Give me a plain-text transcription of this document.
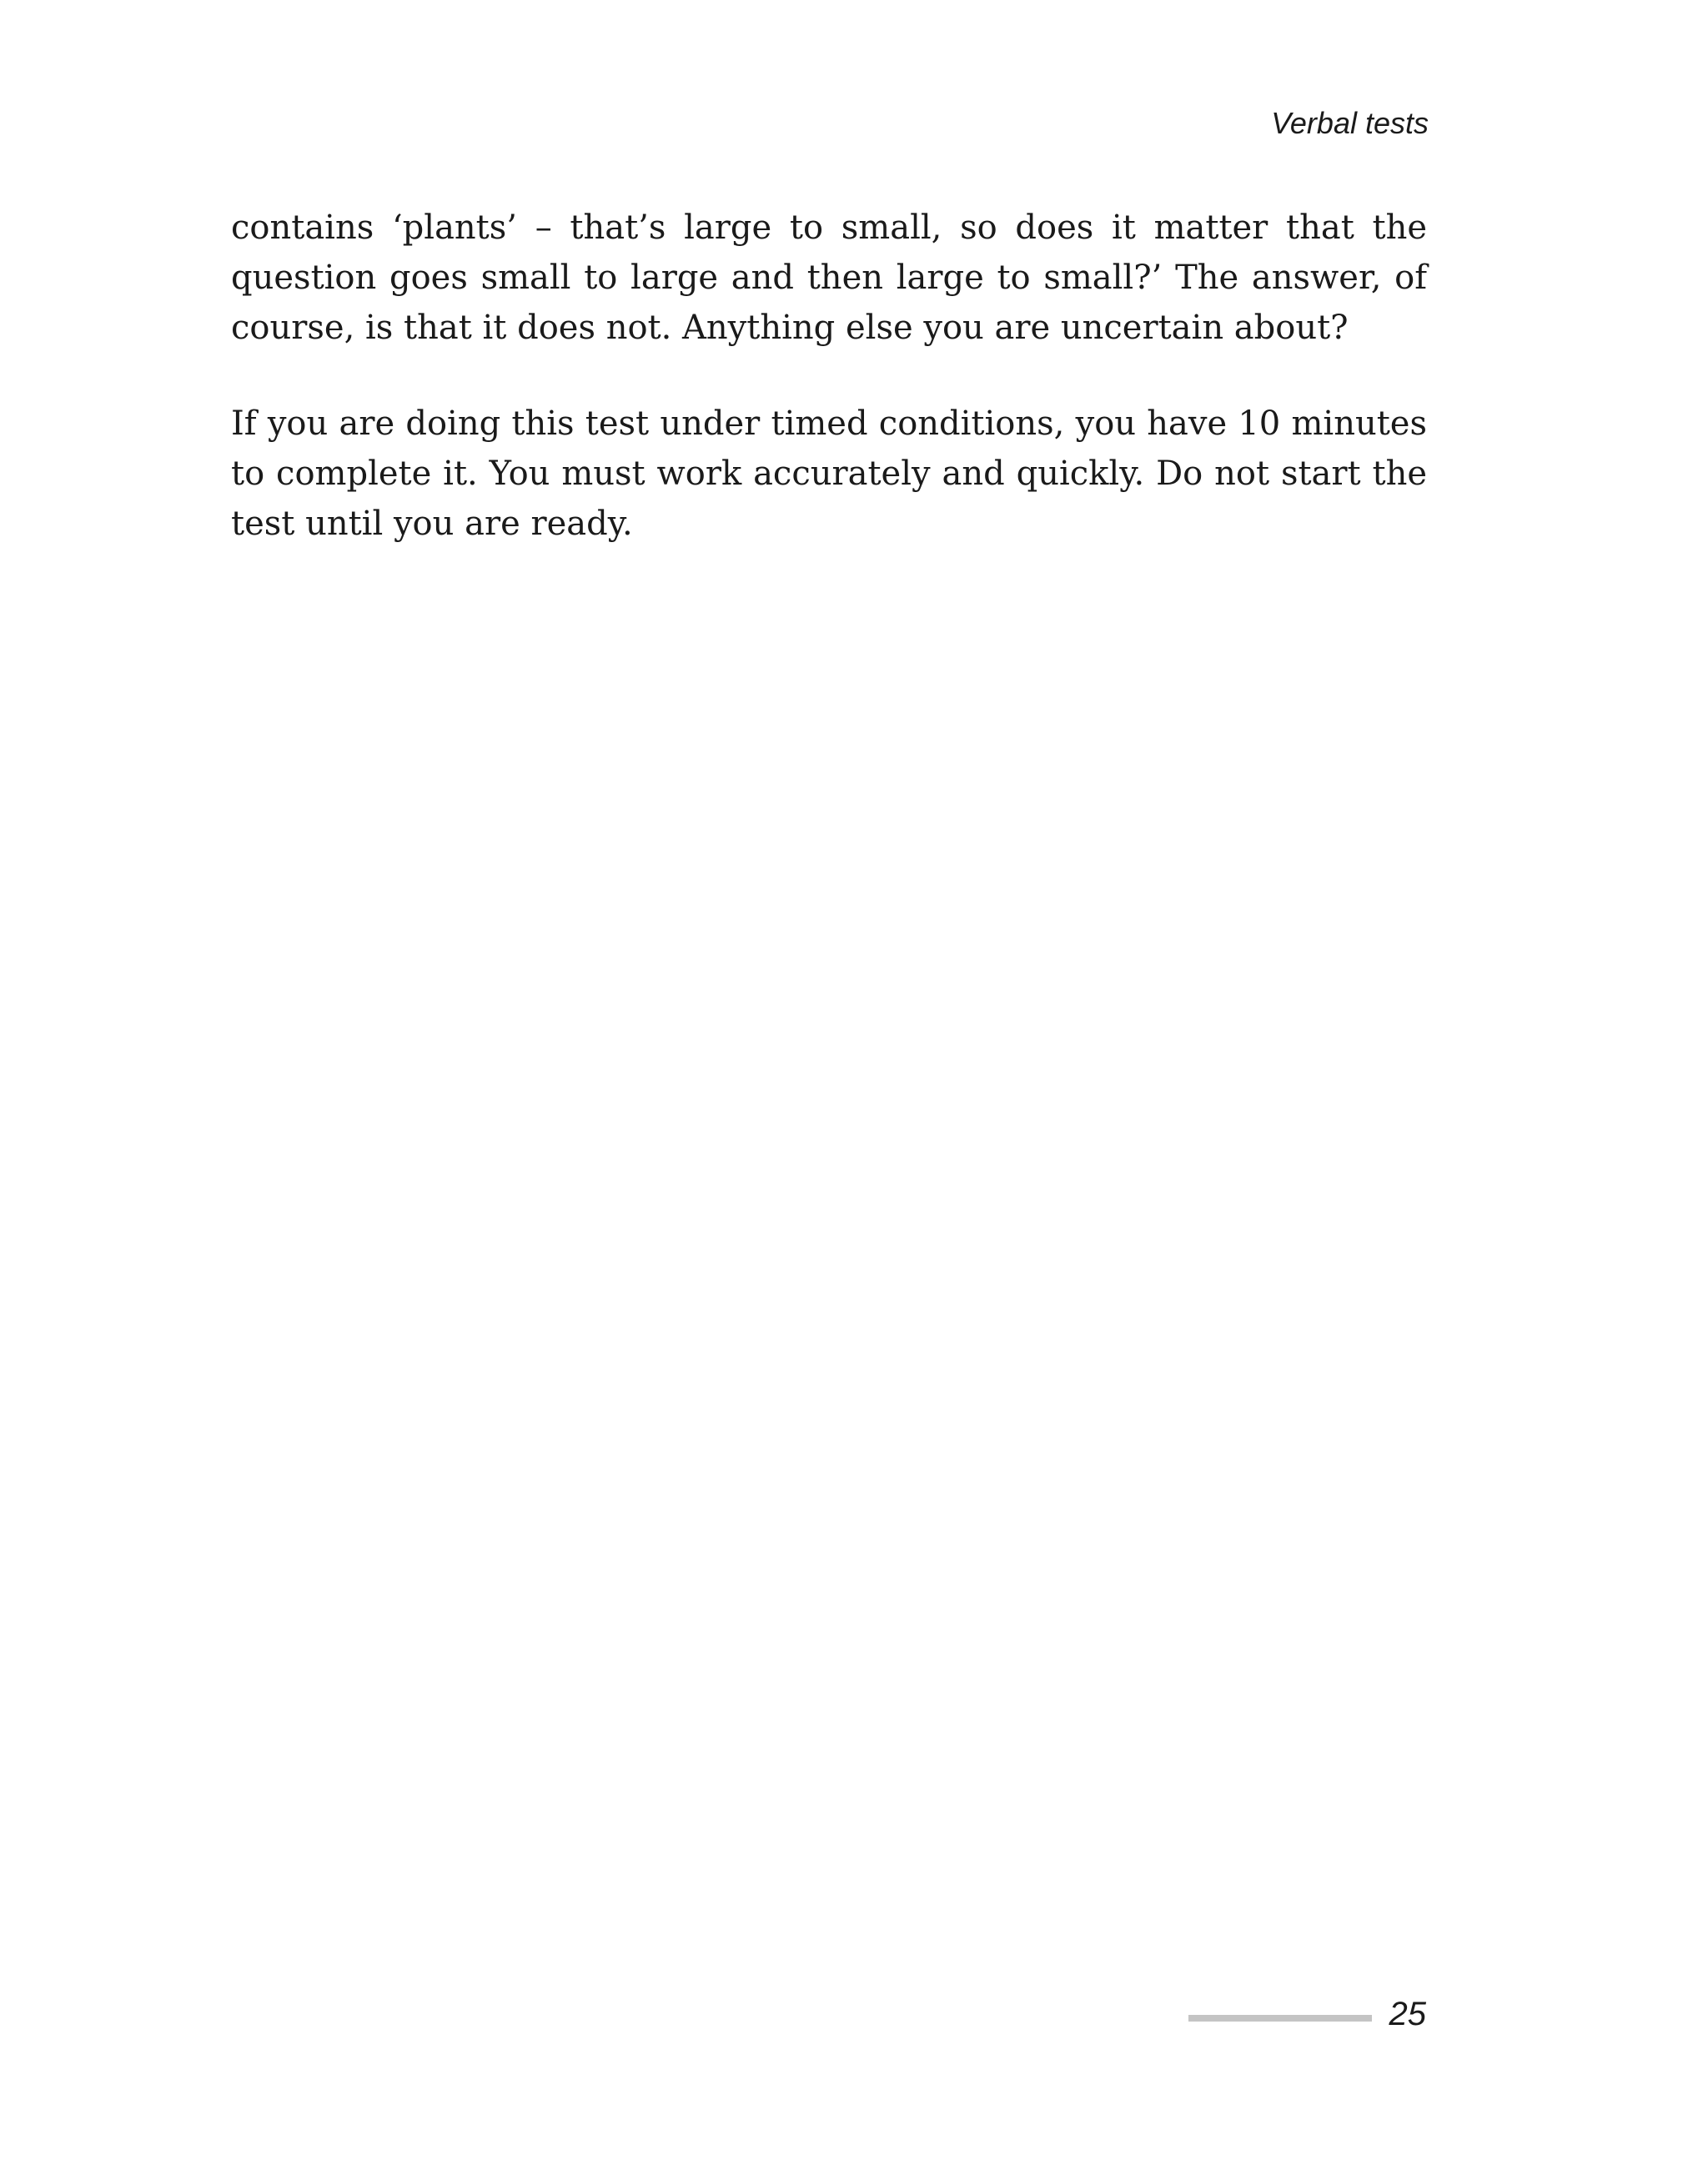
Verbal tests

contains ‘plants’ – that’s large to small, so does it matter that the question goes small to large and then large to small?’ The answer, of course, is that it does not. Anything else you are uncertain about?

If you are doing this test under timed conditions, you have 10 minutes to complete it. You must work accurately and quickly. Do not start the test until you are ready.

25
